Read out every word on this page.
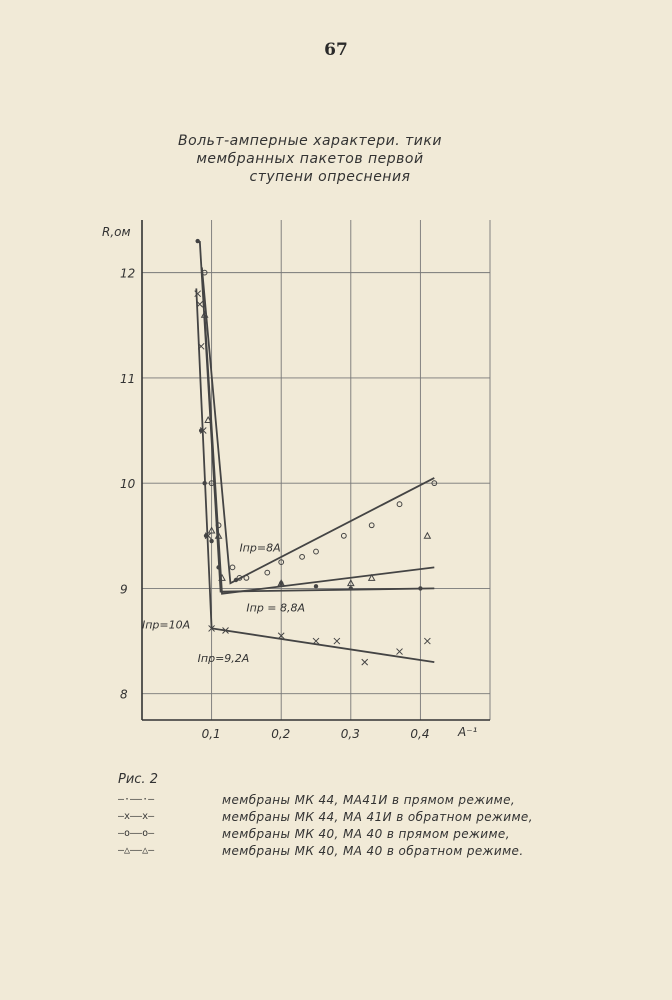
67
Вольт-амперные характери. тики
мембранных пакетов первой
ступени опреснения
8
9
10
11
12
0,1	0,2	0,3	0,4
Iпр=8А
Iпр = 8,8А
Iпр=10А
Iпр=9,2А
R,ом
A⁻¹
Рис. 2
—·——·—	мембраны МК 44, МА41И в прямом режиме,
—x——x—	мембраны МК 44, МА 41И в обратном режиме,
—o——o—	мембраны МК 40, МА 40 в прямом режиме,
—△——△—	мембраны МК 40, МА 40 в обратном режиме.
